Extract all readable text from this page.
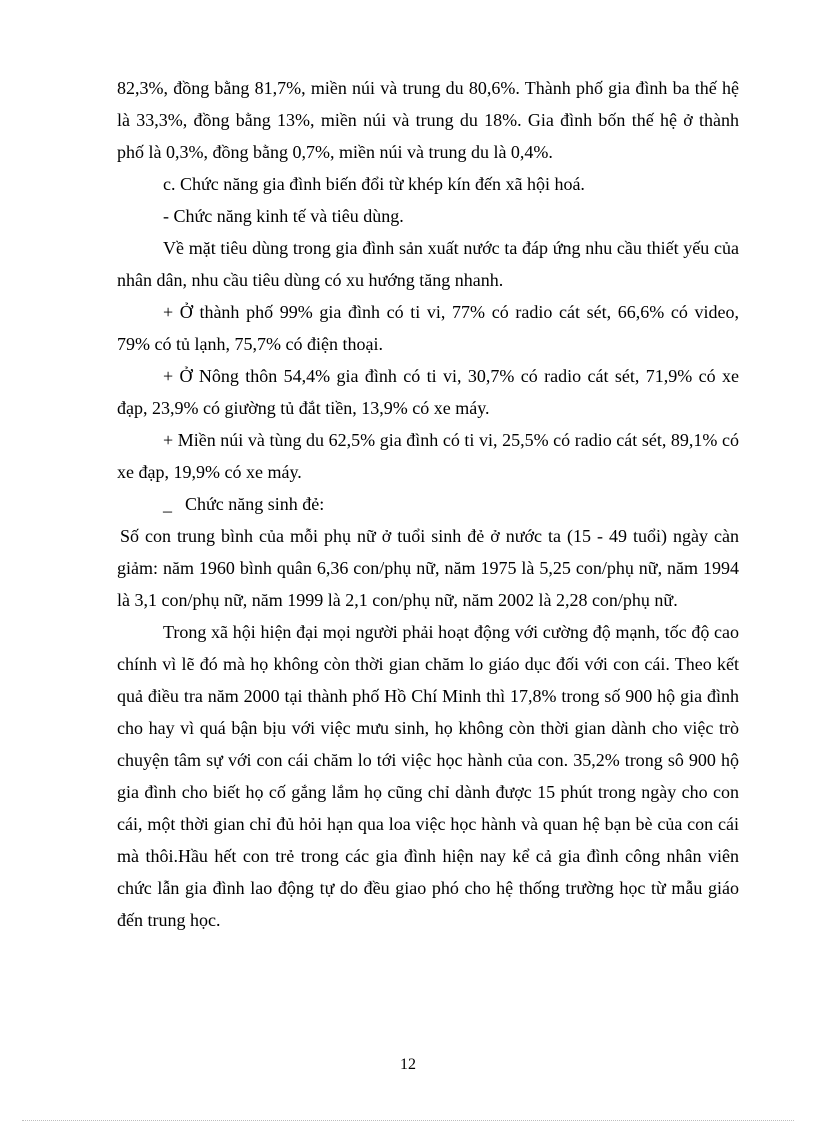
82,3%, đồng bằng 81,7%, miền núi và trung du 80,6%. Thành phố gia đình ba thế hệ là 33,3%, đồng bằng 13%, miền núi và trung du 18%. Gia đình bốn thế hệ ở thành phố là 0,3%, đồng bằng 0,7%, miền núi và trung du là 0,4%.

c. Chức năng gia đình biến đổi từ khép kín đến xã hội hoá.

- Chức năng kinh tế và tiêu dùng.

Về mặt tiêu dùng trong gia đình sản xuất nước ta đáp ứng nhu cầu thiết yếu của nhân dân, nhu cầu tiêu dùng có xu hướng tăng nhanh.

+ Ở thành phố 99% gia đình có ti vi, 77% có radio cát sét, 66,6% có video, 79% có tủ lạnh, 75,7% có điện thoại.

+ Ở Nông thôn 54,4% gia đình có ti vi, 30,7% có radio cát sét, 71,9% có xe đạp, 23,9% có giường tủ đắt tiền, 13,9% có xe máy.

+ Miền núi và tùng du 62,5% gia đình có ti vi, 25,5% có radio cát sét, 89,1% có xe đạp, 19,9% có xe máy.

_ Chức năng sinh đẻ:

Số con trung bình của mỗi phụ nữ ở tuổi sinh đẻ ở nước ta (15 - 49 tuổi) ngày càn giảm: năm 1960 bình quân 6,36 con/phụ nữ, năm 1975 là 5,25 con/phụ nữ, năm 1994 là 3,1 con/phụ nữ, năm 1999 là 2,1 con/phụ nữ, năm 2002 là 2,28 con/phụ nữ.

Trong xã hội hiện đại mọi người phải hoạt động với cường độ mạnh, tốc độ cao chính vì lẽ đó mà họ không còn thời gian chăm lo giáo dục đối với con cái. Theo kết quả điều tra năm 2000 tại thành phố Hồ Chí Minh thì 17,8% trong số 900 hộ gia đình cho hay vì quá bận bịu với việc mưu sinh, họ không còn thời gian dành cho việc trò chuyện tâm sự với con cái chăm lo tới việc học hành của con. 35,2% trong sô 900 hộ gia đình cho biết họ cố gắng lắm họ cũng chỉ dành được 15 phút trong ngày cho con cái, một thời gian chỉ đủ hỏi hạn qua loa việc học hành và quan hệ bạn bè của con cái mà thôi.Hầu hết con trẻ trong các gia đình hiện nay kể cả gia đình công nhân viên chức lẫn gia đình lao động tự do đều giao phó cho hệ thống trường học từ mẫu giáo đến trung học.

12
